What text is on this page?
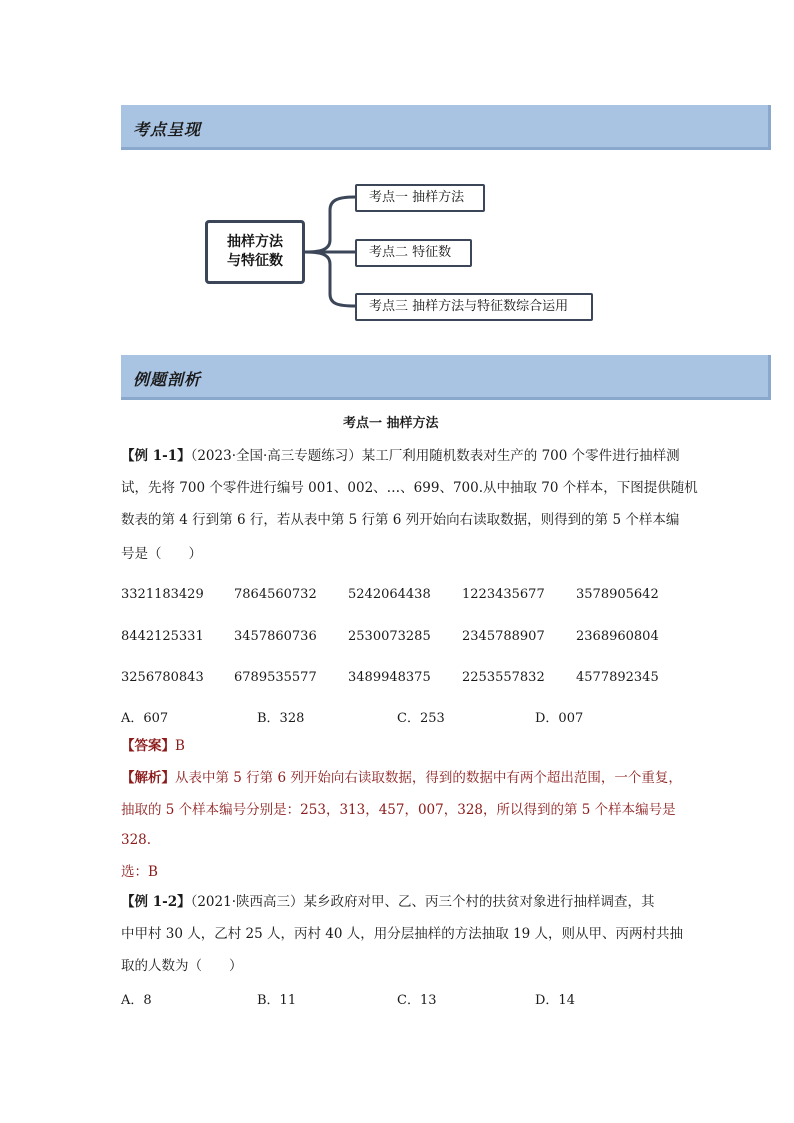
考点呈现
抽样方法
与特征数
考点一 抽样方法
考点二 特征数
考点三 抽样方法与特征数综合运用
例题剖析
考点一 抽样方法
【例 1-1】（2023·全国·高三专题练习）某工厂利用随机数表对生产的 700 个零件进行抽样测
试，先将 700 个零件进行编号 001、002、…、699、700.从中抽取 70 个样本，下图提供随机
数表的第 4 行到第 6 行，若从表中第 5 行第 6 列开始向右读取数据，则得到的第 5 个样本编
号是（　　）
3321183429 7864560732 5242064438 1223435677 3578905642
8442125331 3457860736 2530073285 2345788907 2368960804
3256780843 6789535577 3489948375 2253557832 4577892345
A．607	B．328	C．253	D．007
【答案】B
【解析】从表中第 5 行第 6 列开始向右读取数据，得到的数据中有两个超出范围，一个重复，
抽取的 5 个样本编号分别是：253，313，457，007，328，所以得到的第 5 个样本编号是
328.
选：B
【例 1-2】（2021·陕西高三）某乡政府对甲、乙、丙三个村的扶贫对象进行抽样调查，其
中甲村 30 人，乙村 25 人，丙村 40 人，用分层抽样的方法抽取 19 人，则从甲、丙两村共抽
取的人数为（　　）
A．8	B．11	C．13	D．14
